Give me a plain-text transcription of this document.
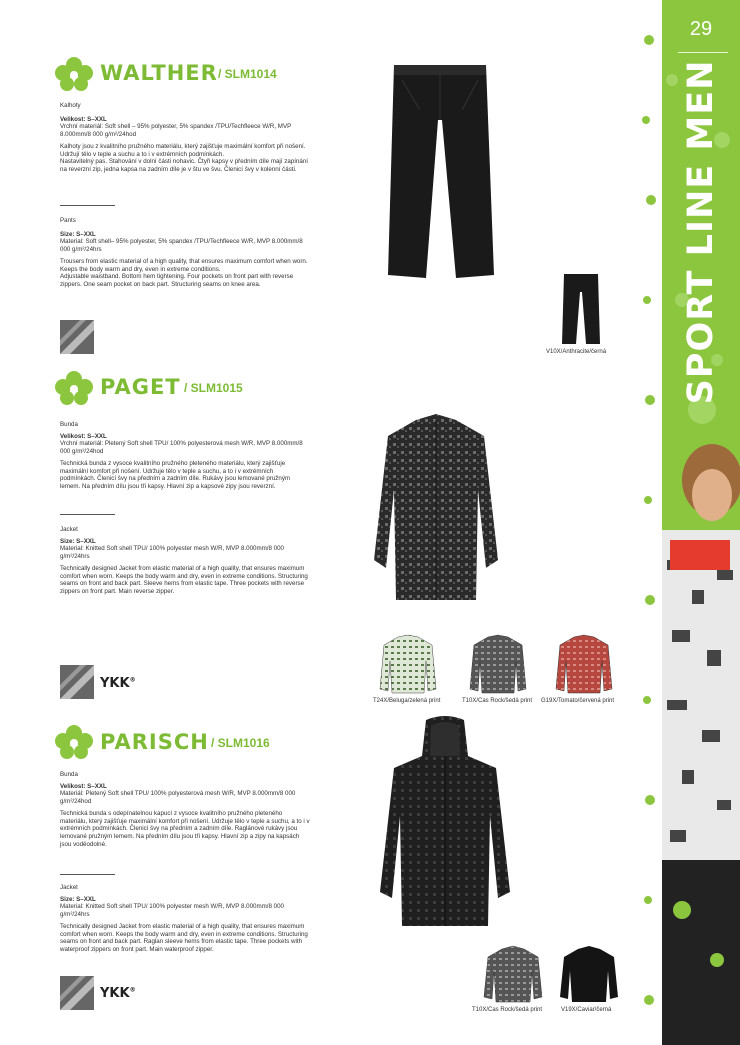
29
SPORT LINE MEN
WALTHER / SLM1014

Kalhoty

Velikost: S–XXL

Vrchní materiál: Soft shell – 95% polyester, 5% spandex /TPU/Techfleece W/R, MVP 8.000mm/8 000 g/m²/24hod

Kalhoty jsou z kvalitního pružného materiálu, který zajišťuje maximální komfort při nošení. Udržují tělo v teple a suchu a to i v extrémních podmínkách.

Nastavitelný pas. Stahování v dolní části nohavic. Čtyři kapsy v předním díle mají zapínání na reverzní zip, jedna kapsa na zadním díle je v štu ve švu. Členicí švy v kolenní části.

Pants

Size: S–XXL

Material: Soft shell– 95% polyester, 5% spandex /TPU/Techfleece W/R, MVP 8.000mm/8 000 g/m²/24hrs

Trousers from elastic material of a high quality, that ensures maximum comfort when worn. Keeps the body warm and dry, even in extreme conditions.

Adjustable waistband. Bottom hem tightening. Four pockets on front part with reverse zippers. One seam pocket on back part. Structuring seams on knee area.

V10X/Anthracite/černá
PAGET / SLM1015

Bunda

Velikost: S–XXL

Vrchní materiál: Pletený Soft shell TPU/ 100% polyesterová mesh W/R, MVP 8.000mm/8 000 g/m²/24hod

Technická bunda z vysoce kvalitního pružného pleteného materiálu, který zajišťuje maximální komfort při nošení. Udržuje tělo v teple a suchu, a to i v extrémních podmínkách. Členicí švy na předním a zadním díle. Rukávy jsou lemované pružným lemem. Na předním dílu jsou tři kapsy. Hlavní zip a kapsové zipy jsou reverzní.

Jacket

Size: S–XXL

Material: Knitted Soft shell TPU/ 100% polyester mesh W/R, MVP 8.000mm/8 000 g/m²/24hrs

Technically designed Jacket from elastic material of a high quality, that ensures maximum comfort when worn. Keeps the body warm and dry, even in extreme conditions. Structuring seams on front and back part. Sleeve hems from elastic tape. Three pockets with reverse zippers on front part. Main reverse zipper.

YKK®
T24X/Beluga/zelená print	T10X/Cas Rock/šedá print G19X/Tomato/červená print
PARISCH / SLM1016

Bunda

Velikost: S–XXL

Materiál: Pletený Soft shell TPU/ 100% polyesterová mesh W/R, MVP 8.000mm/8 000 g/m²/24hod

Technická bunda s odepínatelnou kapucí z vysoce kvalitního pružného pleteného materiálu, který zajišťuje maximální komfort při nošení. Udržuje tělo v teple a suchu, a to i v extrémních podmínkách. Členicí švy na předním a zadním díle. Raglánové rukávy jsou lemované pružným lemem. Na předním dílu jsou tři kapsy. Hlavní zip a zipy na kapsách jsou voděodolné.

Jacket

Size: S–XXL

Material: Knitted Soft shell TPU/ 100% polyester mesh W/R, MVP 8.000mm/8 000 g/m²/24hrs

Technically designed Jacket from elastic material of a high quality, that ensures maximum comfort when worn. Keeps the body warm and dry, even in extreme conditions. Structuring seams on front and back part. Raglan sleeve hems from elastic tape. Three pockets with waterproof zippers on front part. Main waterproof zipper.

YKK®
T10X/Cas Rock/šedá print	V19X/Caviar/černá
